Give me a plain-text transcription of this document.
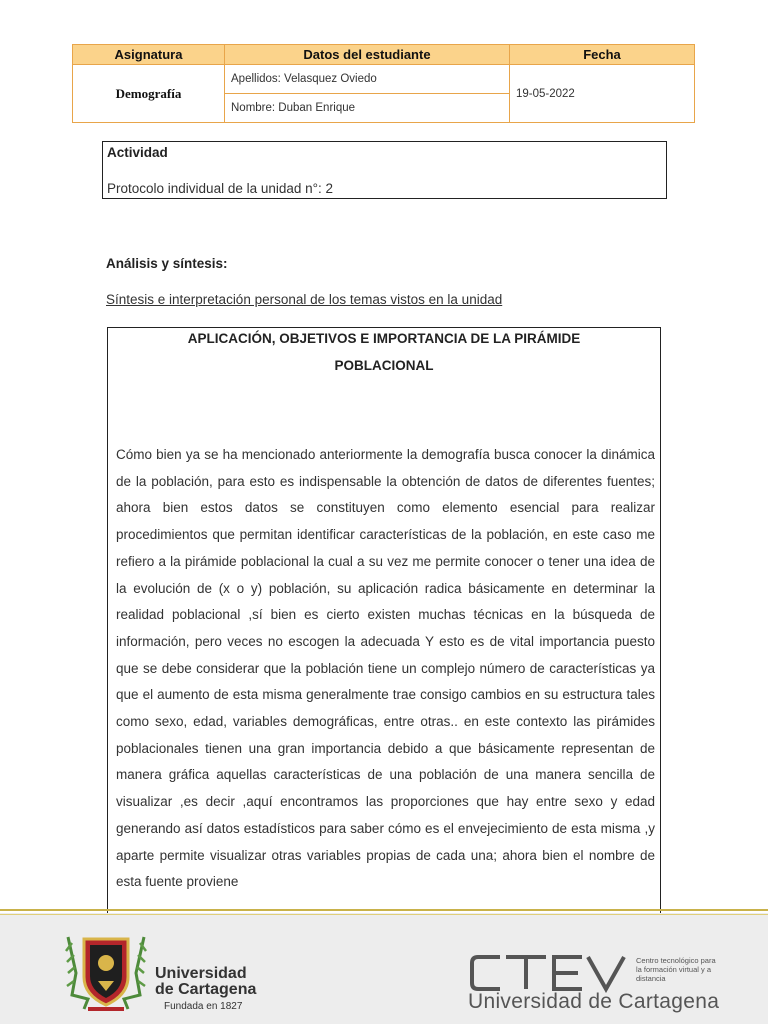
Asignatura	Datos del estudiante	Fecha
Demografía	Apellidos: Velasquez Oviedo	19-05-2022
	Nombre: Duban Enrique	
Actividad
Protocolo individual de la unidad n°: 2
Análisis y síntesis:
Síntesis e interpretación personal de los temas vistos en la unidad
APLICACIÓN, OBJETIVOS E IMPORTANCIA DE LA PIRÁMIDE POBLACIONAL
Cómo bien ya se ha mencionado anteriormente la demografía busca conocer la dinámica de la población, para esto es indispensable la obtención de datos de diferentes fuentes; ahora bien estos datos se constituyen como elemento esencial para realizar procedimientos que permitan identificar características de la población, en este caso me refiero a la pirámide poblacional la cual a su vez me permite conocer o tener una idea de la evolución de (x o y) población, su aplicación radica básicamente en determinar la realidad poblacional ,sí bien es cierto existen muchas técnicas en la búsqueda de información, pero veces no escogen la adecuada Y esto es de vital importancia puesto que se debe considerar que la población tiene un complejo número de características ya que el aumento de esta misma generalmente trae consigo cambios en su estructura tales como sexo, edad, variables demográficas, entre otras.. en este contexto las pirámides poblacionales tienen una gran importancia debido a que básicamente representan de manera gráfica aquellas características de una población de una manera sencilla de visualizar ,es decir ,aquí encontramos las proporciones que hay entre sexo y edad generando así datos estadísticos para saber cómo es el envejecimiento de esta misma ,y aparte permite visualizar otras variables propias de cada una; ahora bien el nombre de esta fuente proviene
Universidad
de Cartagena
Fundada en 1827
Centro tecnológico para la formación virtual y a distancia
Universidad de Cartagena
